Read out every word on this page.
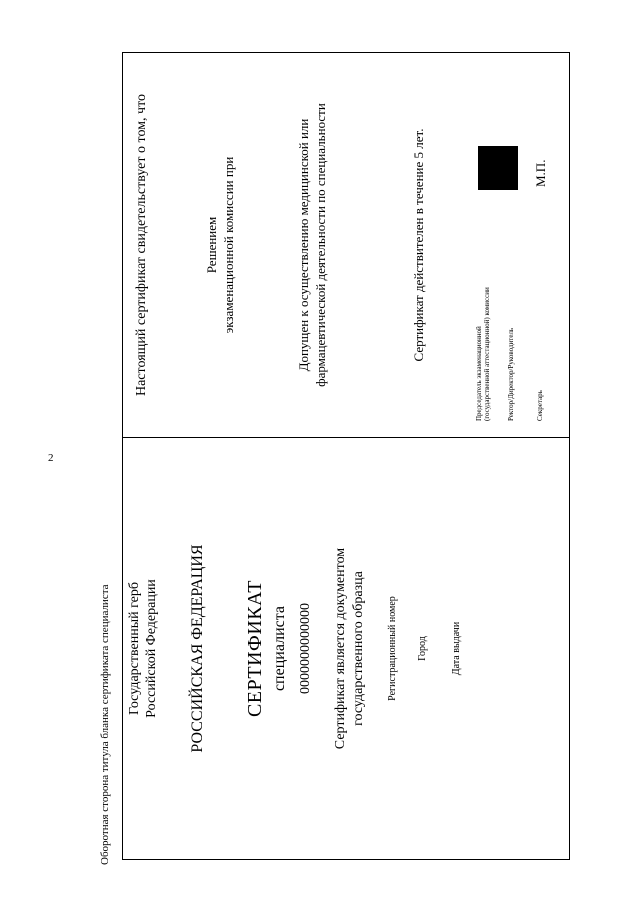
2
Оборотная сторона титула бланка сертификата специалиста Государственный герб Российской Федерации РОССИЙСКАЯ ФЕДЕРАЦИЯ СЕРТИФИКАТ специалиста 0000000000000 Сертификат является документом государственного образца Регистрационный номер Город Дата выдачи
Настоящий сертификат свидетельствует о том, что	Решением экзаменационной комиссии при	Допущен к осуществлению медицинской или фармацевтической деятельности по специальности	Сертификат действителен в течение 5 лет.
Председатель экзаменационной (государственной аттестационной) комиссии Ректор/Директор/Руководитель	Секретарь
М.П.
